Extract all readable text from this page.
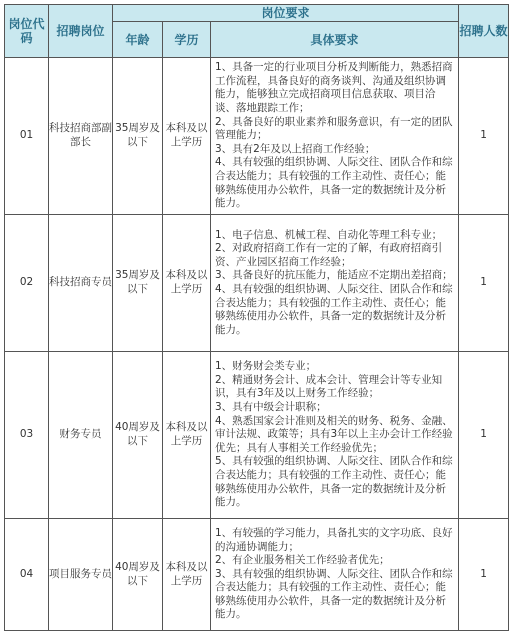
岗位代码	招聘岗位	岗位要求			招聘人数
		年龄	学历	具体要求	
01	科技招商部副部长	35周岁及以下	本科及以上学历	1、具备一定的行业项目分析及判断能力，熟悉招商工作流程，具备良好的商务谈判、沟通及组织协调能力，能够独立完成招商项目信息获取、项目洽谈、落地跟踪工作；
2、具备良好的职业素养和服务意识，有一定的团队管理能力；
3、具有2年及以上招商工作经验；
4、具有较强的组织协调、人际交往、团队合作和综合表达能力；具有较强的工作主动性、责任心；能够熟练使用办公软件，具备一定的数据统计及分析能力。	1
02	科技招商专员	35周岁及以下	本科及以上学历	1、电子信息、机械工程、自动化等理工科专业；
2、对政府招商工作有一定的了解，有政府招商引资、产业园区招商工作经验；
3、具备良好的抗压能力，能适应不定期出差招商；
4、具有较强的组织协调、人际交往、团队合作和综合表达能力；具有较强的工作主动性、责任心；能够熟练使用办公软件，具备一定的数据统计及分析能力。	1
03	财务专员	40周岁及以下	本科及以上学历	1、财务财会类专业；
2、精通财务会计、成本会计、管理会计等专业知识，具有3年及以上财务工作经验；
3、具有中级会计职称；
4、熟悉国家会计准则及相关的财务、税务、金融、审计法规、政策等；具有3年以上主办会计工作经验优先；具有人事相关工作经验优先；
5、具有较强的组织协调、人际交往、团队合作和综合表达能力；具有较强的工作主动性、责任心；能够熟练使用办公软件，具备一定的数据统计及分析能力。	1
04	项目服务专员	40周岁及以下	本科及以上学历	1、有较强的学习能力，具备扎实的文字功底、良好的沟通协调能力；
2、有企业服务相关工作经验者优先；
3、具有较强的组织协调、人际交往、团队合作和综合表达能力；具有较强的工作主动性、责任心；能够熟练使用办公软件，具备一定的数据统计及分析能力。	1
